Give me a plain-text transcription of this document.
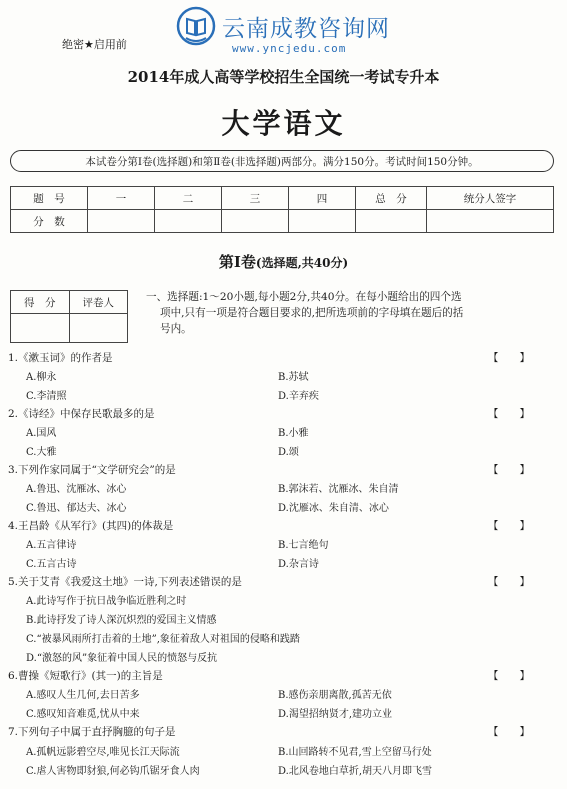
绝密★启用前
云南成教咨询网
www.yncjedu.com
2014年成人高等学校招生全国统一考试专升本
大学语文
本试卷分第Ⅰ卷(选择题)和第Ⅱ卷(非选择题)两部分。满分150分。考试时间150分钟。
题　号	一	二	三	四	总　分	统分人签字
分　数						
第Ⅰ卷(选择题,共40分)
得　分	评卷人
		一、选择题:1～20小题,每小题2分,共40分。在每小题给出的四个选
项中,只有一项是符合题目要求的,把所选项前的字母填在题后的括
号内。
1.《漱玉词》的作者是	【　　】
A.柳永	B.苏轼
C.李清照	D.辛弃疾
2.《诗经》中保存民歌最多的是	【　　】
A.国风	B.小雅
C.大雅	D.颂
3.下列作家同属于“文学研究会”的是	【　　】
A.鲁迅、沈雁冰、冰心	B.郭沫若、沈雁冰、朱自清
C.鲁迅、郁达夫、冰心	D.沈雁冰、朱自清、冰心
4.王昌龄《从军行》(其四)的体裁是	【　　】
A.五言律诗	B.七言绝句
C.五言古诗	D.杂言诗
5.关于艾青《我爱这土地》一诗,下列表述错误的是	【　　】
A.此诗写作于抗日战争临近胜利之时
B.此诗抒发了诗人深沉炽烈的爱国主义情感
C.“被暴风雨所打击着的土地”,象征着敌人对祖国的侵略和践踏
D.“激怒的风”象征着中国人民的愤怒与反抗
6.曹操《短歌行》(其一)的主旨是	【　　】
A.感叹人生几何,去日苦多	B.感伤亲朋离散,孤苦无依
C.感叹知音难觅,忧从中来	D.渴望招纳贤才,建功立业
7.下列句子中属于直抒胸臆的句子是	【　　】
A.孤帆远影碧空尽,唯见长江天际流	B.山回路转不见君,雪上空留马行处
C.虐人害物即豺狼,何必钩爪锯牙食人肉	D.北风卷地白草折,胡天八月即飞雪
